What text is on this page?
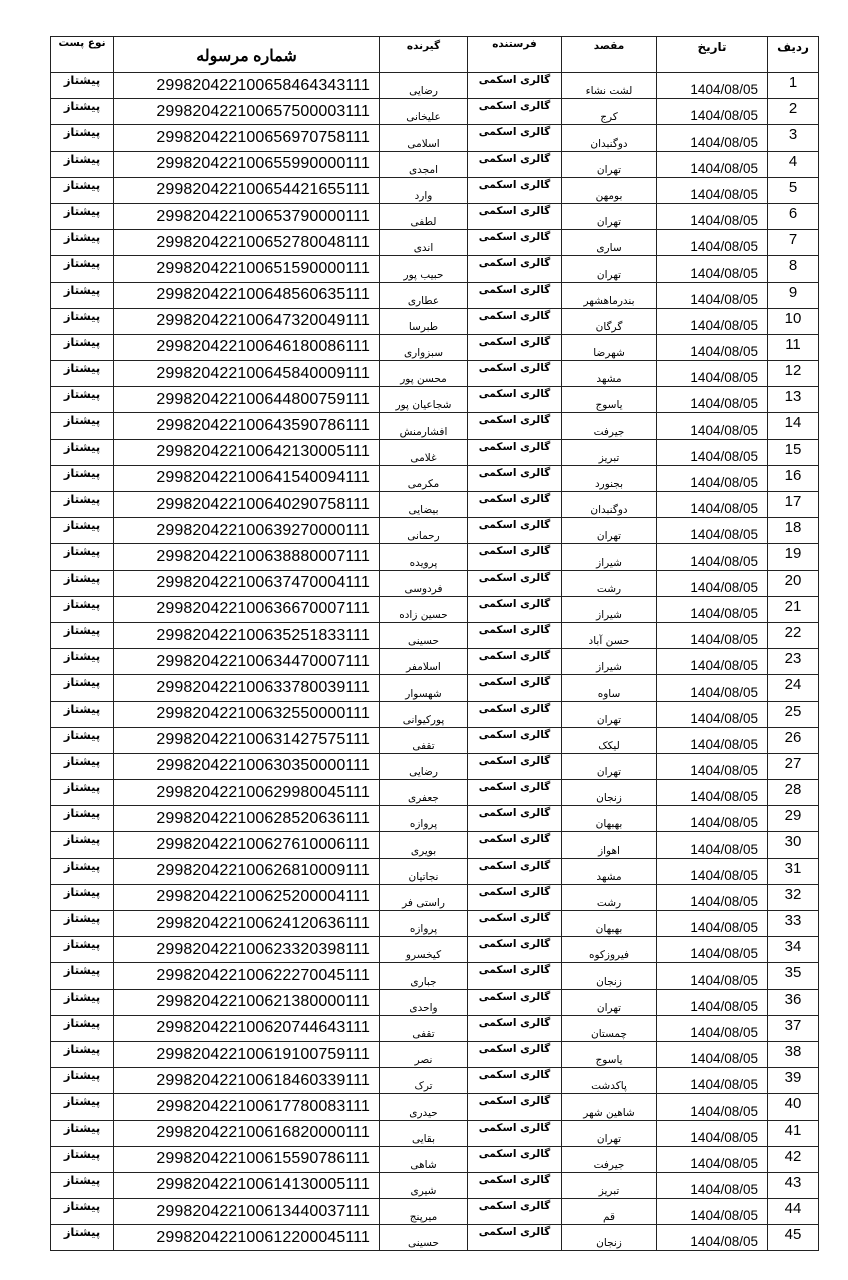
نوع پست	شماره مرسوله	گیرنده	فرستنده	مقصد	تاریخ	ردیف
پیشتاز	299820422100658464343111	رضایی	گالری اسکمی	لشت نشاء	1404/08/05	1
پیشتاز	299820422100657500003111	علیخانی	گالری اسکمی	کرج	1404/08/05	2
پیشتاز	299820422100656970758111	اسلامی	گالری اسکمی	دوگنبدان	1404/08/05	3
پیشتاز	299820422100655990000111	امجدی	گالری اسکمی	تهران	1404/08/05	4
پیشتاز	299820422100654421655111	وارد	گالری اسکمی	بومهن	1404/08/05	5
پیشتاز	299820422100653790000111	لطفی	گالری اسکمی	تهران	1404/08/05	6
پیشتاز	299820422100652780048111	اندی	گالری اسکمی	ساری	1404/08/05	7
پیشتاز	299820422100651590000111	حبیب پور	گالری اسکمی	تهران	1404/08/05	8
پیشتاز	299820422100648560635111	عطاری	گالری اسکمی	بندرماهشهر	1404/08/05	9
پیشتاز	299820422100647320049111	طبرسا	گالری اسکمی	گرگان	1404/08/05	10
پیشتاز	299820422100646180086111	سبزواری	گالری اسکمی	شهرضا	1404/08/05	11
پیشتاز	299820422100645840009111	محسن پور	گالری اسکمی	مشهد	1404/08/05	12
پیشتاز	299820422100644800759111	شجاعیان پور	گالری اسکمی	یاسوج	1404/08/05	13
پیشتاز	299820422100643590786111	افشارمنش	گالری اسکمی	جیرفت	1404/08/05	14
پیشتاز	299820422100642130005111	غلامی	گالری اسکمی	تبریز	1404/08/05	15
پیشتاز	299820422100641540094111	مکرمی	گالری اسکمی	بجنورد	1404/08/05	16
پیشتاز	299820422100640290758111	بیضایی	گالری اسکمی	دوگنبدان	1404/08/05	17
پیشتاز	299820422100639270000111	رحمانی	گالری اسکمی	تهران	1404/08/05	18
پیشتاز	299820422100638880007111	پرویده	گالری اسکمی	شیراز	1404/08/05	19
پیشتاز	299820422100637470004111	فردوسی	گالری اسکمی	رشت	1404/08/05	20
پیشتاز	299820422100636670007111	حسین زاده	گالری اسکمی	شیراز	1404/08/05	21
پیشتاز	299820422100635251833111	حسینی	گالری اسکمی	حسن آباد	1404/08/05	22
پیشتاز	299820422100634470007111	اسلامفر	گالری اسکمی	شیراز	1404/08/05	23
پیشتاز	299820422100633780039111	شهسوار	گالری اسکمی	ساوه	1404/08/05	24
پیشتاز	299820422100632550000111	پورکیوانی	گالری اسکمی	تهران	1404/08/05	25
پیشتاز	299820422100631427575111	تقفی	گالری اسکمی	لیکک	1404/08/05	26
پیشتاز	299820422100630350000111	رضایی	گالری اسکمی	تهران	1404/08/05	27
پیشتاز	299820422100629980045111	جعفری	گالری اسکمی	زنجان	1404/08/05	28
پیشتاز	299820422100628520636111	پروازه	گالری اسکمی	بهبهان	1404/08/05	29
پیشتاز	299820422100627610006111	بویری	گالری اسکمی	اهواز	1404/08/05	30
پیشتاز	299820422100626810009111	نجاتیان	گالری اسکمی	مشهد	1404/08/05	31
پیشتاز	299820422100625200004111	راستی فر	گالری اسکمی	رشت	1404/08/05	32
پیشتاز	299820422100624120636111	پروازه	گالری اسکمی	بهبهان	1404/08/05	33
پیشتاز	299820422100623320398111	کیخسرو	گالری اسکمی	فیروزکوه	1404/08/05	34
پیشتاز	299820422100622270045111	جباری	گالری اسکمی	زنجان	1404/08/05	35
پیشتاز	299820422100621380000111	واحدی	گالری اسکمی	تهران	1404/08/05	36
پیشتاز	299820422100620744643111	تقفی	گالری اسکمی	چمستان	1404/08/05	37
پیشتاز	299820422100619100759111	نصر	گالری اسکمی	یاسوج	1404/08/05	38
پیشتاز	299820422100618460339111	ترک	گالری اسکمی	پاکدشت	1404/08/05	39
پیشتاز	299820422100617780083111	حیدری	گالری اسکمی	شاهین شهر	1404/08/05	40
پیشتاز	299820422100616820000111	بقایی	گالری اسکمی	تهران	1404/08/05	41
پیشتاز	299820422100615590786111	شاهی	گالری اسکمی	جیرفت	1404/08/05	42
پیشتاز	299820422100614130005111	شیری	گالری اسکمی	تبریز	1404/08/05	43
پیشتاز	299820422100613440037111	میرپنج	گالری اسکمی	قم	1404/08/05	44
پیشتاز	299820422100612200045111	حسینی	گالری اسکمی	زنجان	1404/08/05	45
